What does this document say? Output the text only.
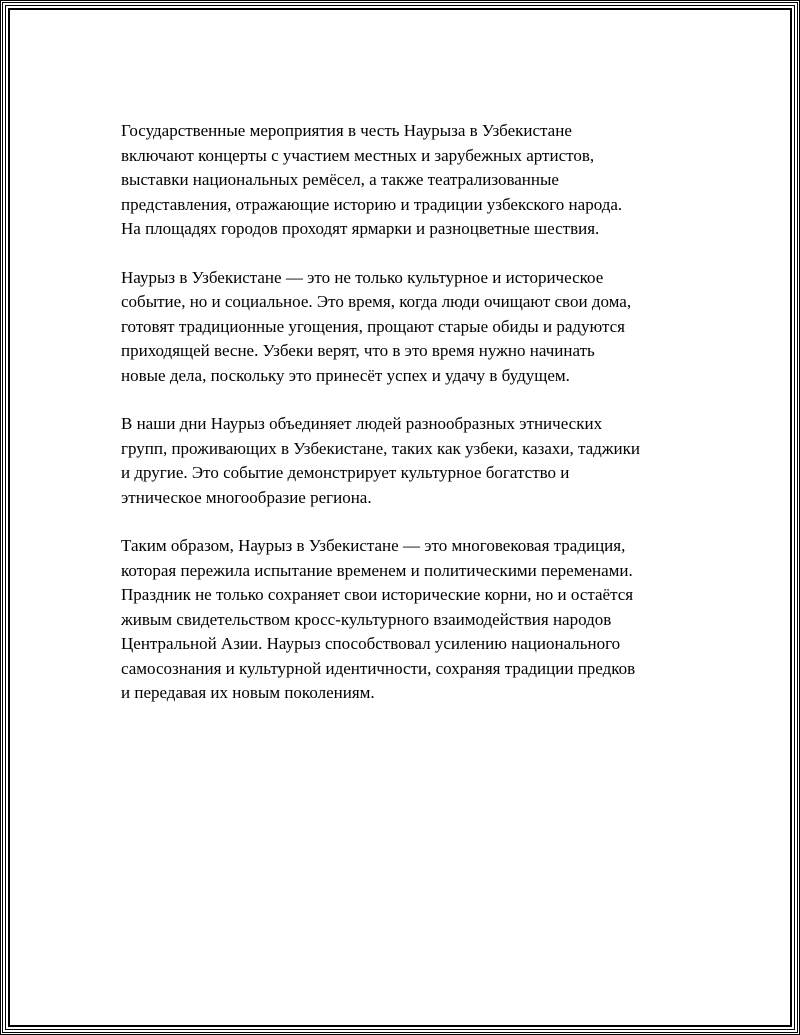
Государственные мероприятия в честь Наурыза в Узбекистане
включают концерты с участием местных и зарубежных артистов,
выставки национальных ремёсел, а также театрализованные
представления, отражающие историю и традиции узбекского народа.
На площадях городов проходят ярмарки и разноцветные шествия.

Наурыз в Узбекистане — это не только культурное и историческое
событие, но и социальное. Это время, когда люди очищают свои дома,
готовят традиционные угощения, прощают старые обиды и радуются
приходящей весне. Узбеки верят, что в это время нужно начинать
новые дела, поскольку это принесёт успех и удачу в будущем.

В наши дни Наурыз объединяет людей разнообразных этнических
групп, проживающих в Узбекистане, таких как узбеки, казахи, таджики
и другие. Это событие демонстрирует культурное богатство и
этническое многообразие региона.

Таким образом, Наурыз в Узбекистане — это многовековая традиция,
которая пережила испытание временем и политическими переменами.
Праздник не только сохраняет свои исторические корни, но и остаётся
живым свидетельством кросс-культурного взаимодействия народов
Центральной Азии. Наурыз способствовал усилению национального
самосознания и культурной идентичности, сохраняя традиции предков
и передавая их новым поколениям.
